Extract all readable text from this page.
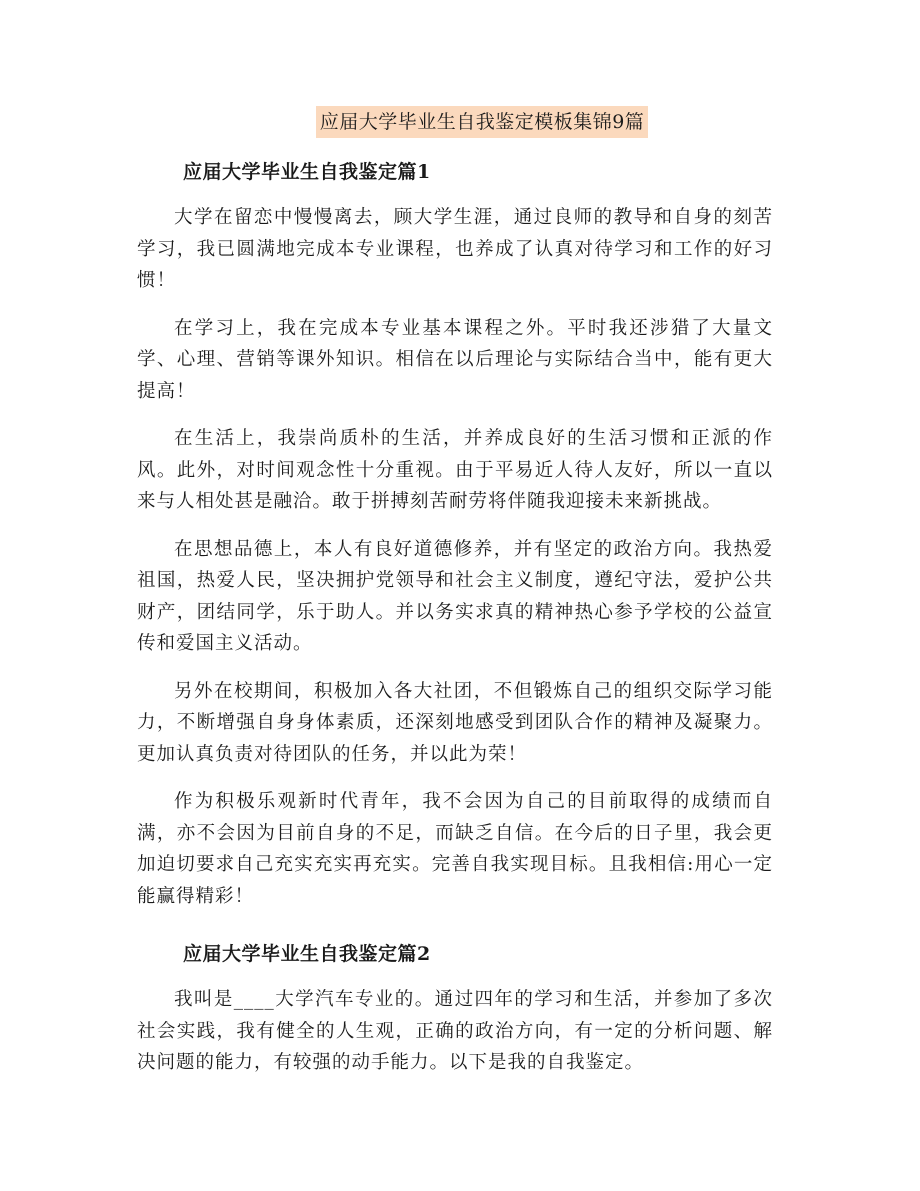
应届大学毕业生自我鉴定模板集锦9篇
应届大学毕业生自我鉴定篇1

大学在留恋中慢慢离去，顾大学生涯，通过良师的教导和自身的刻苦学习，我已圆满地完成本专业课程，也养成了认真对待学习和工作的好习惯！

在学习上，我在完成本专业基本课程之外。平时我还涉猎了大量文学、心理、营销等课外知识。相信在以后理论与实际结合当中，能有更大提高！

在生活上，我崇尚质朴的生活，并养成良好的生活习惯和正派的作风。此外，对时间观念性十分重视。由于平易近人待人友好，所以一直以来与人相处甚是融洽。敢于拼搏刻苦耐劳将伴随我迎接未来新挑战。

在思想品德上，本人有良好道德修养，并有坚定的政治方向。我热爱祖国，热爱人民，坚决拥护党领导和社会主义制度，遵纪守法，爱护公共财产，团结同学，乐于助人。并以务实求真的精神热心参予学校的公益宣传和爱国主义活动。

另外在校期间，积极加入各大社团，不但锻炼自己的组织交际学习能力，不断增强自身身体素质，还深刻地感受到团队合作的精神及凝聚力。更加认真负责对待团队的任务，并以此为荣！

作为积极乐观新时代青年，我不会因为自己的目前取得的成绩而自满，亦不会因为目前自身的不足，而缺乏自信。在今后的日子里，我会更加迫切要求自己充实充实再充实。完善自我实现目标。且我相信:用心一定能赢得精彩！

应届大学毕业生自我鉴定篇2

我叫是____大学汽车专业的。通过四年的学习和生活，并参加了多次社会实践，我有健全的人生观，正确的政治方向，有一定的分析问题、解决问题的能力，有较强的动手能力。以下是我的自我鉴定。
